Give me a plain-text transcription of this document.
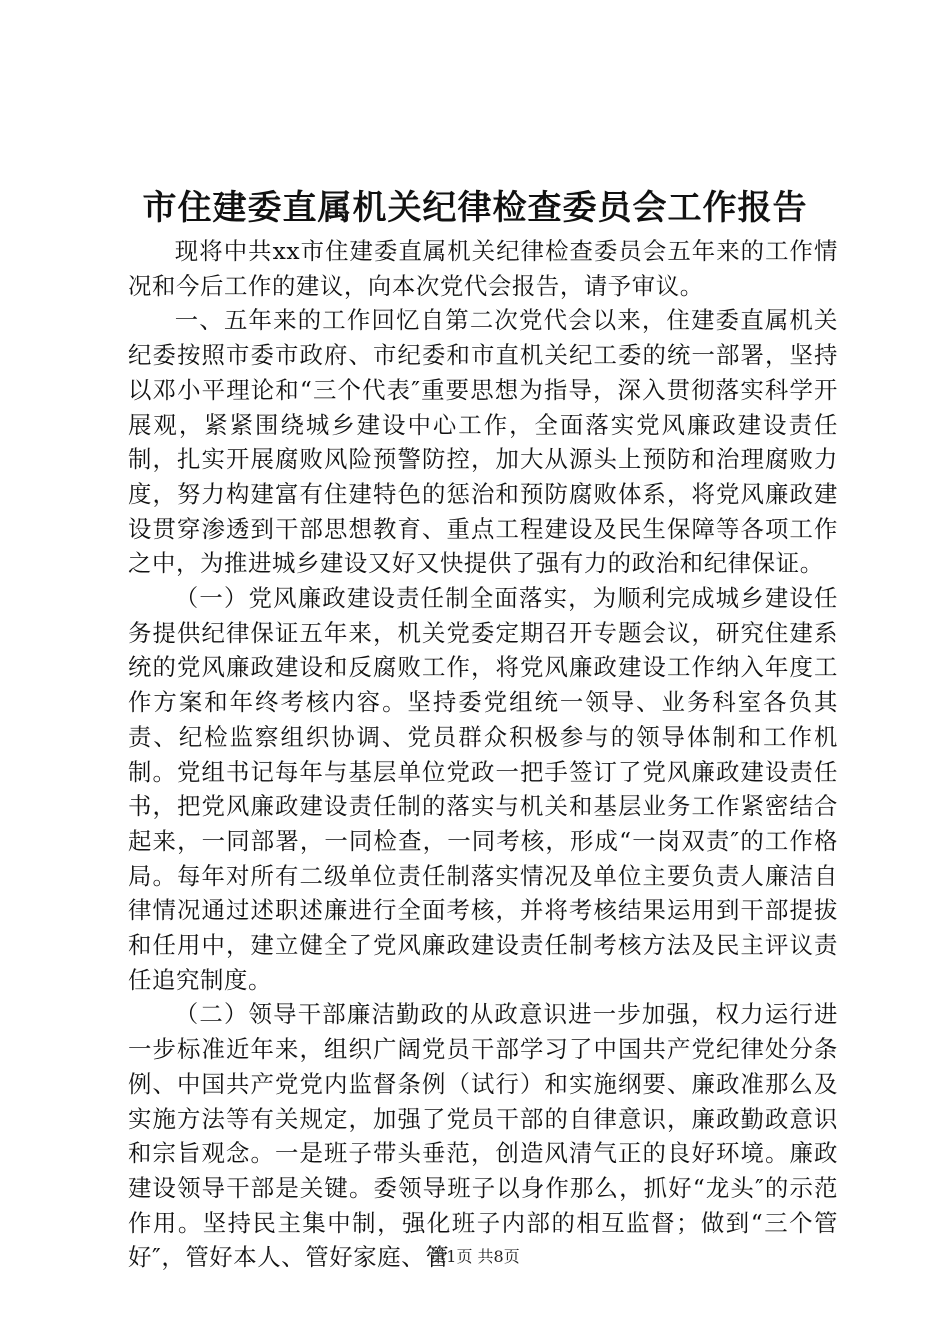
市住建委直属机关纪律检查委员会工作报告

现将中共xx市住建委直属机关纪律检查委员会五年来的工作情况和今后工作的建议，向本次党代会报告，请予审议。

一、五年来的工作回忆自第二次党代会以来，住建委直属机关纪委按照市委市政府、市纪委和市直机关纪工委的统一部署，坚持以邓小平理论和“三个代表″重要思想为指导，深入贯彻落实科学开展观，紧紧围绕城乡建设中心工作，全面落实党风廉政建设责任制，扎实开展腐败风险预警防控，加大从源头上预防和治理腐败力度，努力构建富有住建特色的惩治和预防腐败体系，将党风廉政建设贯穿渗透到干部思想教育、重点工程建设及民生保障等各项工作之中，为推进城乡建设又好又快提供了强有力的政治和纪律保证。

（一）党风廉政建设责任制全面落实，为顺利完成城乡建设任务提供纪律保证五年来，机关党委定期召开专题会议，研究住建系统的党风廉政建设和反腐败工作，将党风廉政建设工作纳入年度工作方案和年终考核内容。坚持委党组统一领导、业务科室各负其责、纪检监察组织协调、党员群众积极参与的领导体制和工作机制。党组书记每年与基层单位党政一把手签订了党风廉政建设责任书，把党风廉政建设责任制的落实与机关和基层业务工作紧密结合起来，一同部署，一同检查，一同考核，形成“一岗双责″的工作格局。每年对所有二级单位责任制落实情况及单位主要负责人廉洁自律情况通过述职述廉进行全面考核，并将考核结果运用到干部提拔和任用中，建立健全了党风廉政建设责任制考核方法及民主评议责任追究制度。

（二）领导干部廉洁勤政的从政意识进一步加强，权力运行进一步标准近年来，组织广阔党员干部学习了中国共产党纪律处分条例、中国共产党党内监督条例（试行）和实施纲要、廉政准那么及实施方法等有关规定，加强了党员干部的自律意识，廉政勤政意识和宗旨观念。一是班子带头垂范，创造风清气正的良好环境。廉政建设领导干部是关键。委领导班子以身作那么，抓好“龙头″的示范作用。坚持民主集中制，强化班子内部的相互监督；做到“三个管好″，管好本人、管好家庭、管

第1页 共8页
